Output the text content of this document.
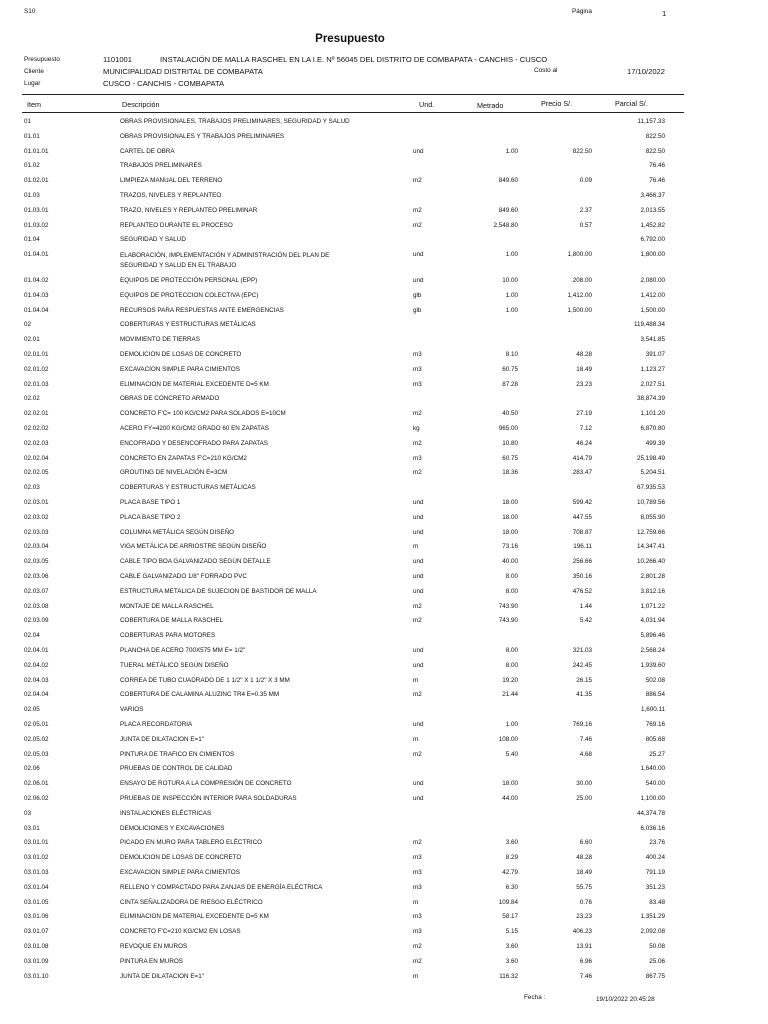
S10	Página	1
Presupuesto
Presupuesto	1101001	INSTALACIÓN DE MALLA RASCHEL EN LA I.E. Nº 56045 DEL DISTRITO DE COMBAPATA - CANCHIS - CUSCO
Cliente	MUNICIPALIDAD DISTRITAL DE COMBAPATA	Costo al	17/10/2022
Lugar	CUSCO - CANCHIS - COMBAPATA
Item	Descripción	Und.	Metrado	Precio S/.	Parcial S/.
01	OBRAS PROVISIONALES, TRABAJOS PRELIMINARES, SEGURIDAD Y SALUD	11,157.33
01.01	OBRAS PROVISIONALES Y TRABAJOS PRELIMINARES	822.50
01.01.01	CARTEL DE OBRA	und	1.00	822.50	822.50
01.02	TRABAJOS PRELIMINARES	76.46
01.02.01	LIMPIEZA MANUAL DEL TERRENO	m2	849.60	0.09	76.46
01.03	TRAZOS, NIVELES Y REPLANTEO	3,466.37
01.03.01	TRAZO, NIVELES Y REPLANTEO PRELIMINAR	m2	849.60	2.37	2,013.55
01.03.02	REPLANTEO DURANTE EL PROCESO	m2	2,548.80	0.57	1,452.82
01.04	SEGURIDAD Y SALUD	6,792.00
01.04.01	ELABORACIÓN, IMPLEMENTACIÓN Y ADMINISTRACIÓN DEL PLAN DE SEGURIDAD Y SALUD EN EL TRABAJO
und	1.00	1,800.00	1,800.00
01.04.02	EQUIPOS DE PROTECCIÓN PERSONAL (EPP)	und	10.00	208.00	2,080.00
01.04.03	EQUIPOS DE PROTECCION COLECTIVA (EPC)	glb	1.00	1,412.00	1,412.00
01.04.04	RECURSOS PARA RESPUESTAS ANTE EMERGENCIAS	glb	1.00	1,500.00	1,500.00
02	COBERTURAS Y ESTRUCTURAS METÁLICAS	119,488.34
02.01	MOVIMIENTO DE TIERRAS	3,541.85
02.01.01	DEMOLICION DE LOSAS DE CONCRETO	m3	8.10	48.28	391.07
02.01.02	EXCAVACION SIMPLE PARA CIMIENTOS	m3	60.75	18.49	1,123.27
02.01.03	ELIMINACION DE MATERIAL EXCEDENTE D=5 KM	m3	87.28	23.23	2,027.51
02.02	OBRAS DE CONCRETO ARMADO	38,874.39
02.02.01	CONCRETO F'C= 100 KG/CM2 PARA SOLADOS E=10CM	m2	40.50	27.19	1,101.20
02.02.02	ACERO FY=4200 KG/CM2 GRADO 60 EN ZAPATAS	kg	965.00	7.12	6,870.80
02.02.03	ENCOFRADO Y DESENCOFRADO PARA ZAPATAS	m2	10.80	46.24	499.39
02.02.04	CONCRETO EN ZAPATAS F'C=210 KG/CM2	m3	60.75	414.79	25,198.49
02.02.05	GROUTING DE NIVELACIÓN E=3CM	m2	18.36	283.47	5,204.51
02.03	COBERTURAS Y ESTRUCTURAS METÁLICAS	67,935.53
02.03.01	PLACA BASE TIPO 1	und	18.00	599.42	10,789.56
02.03.02	PLACA BASE TIPO 2	und	18.00	447.55	8,055.90
02.03.03	COLUMNA METÁLICA SEGÚN DISEÑO	und	18.00	708.87	12,759.66
02.03.04	VIGA METÁLICA DE ARRIOSTRE SEGÚN DISEÑO	m	73.16	196.11	14,347.41
02.03.05	CABLE TIPO BOA GALVANIZADO SEGÚN DETALLE	und	40.00	256.66	10,266.40
02.03.06	CABLE GALVANIZADO 1/8" FORRADO PVC	und	8.00	350.16	2,801.28
02.03.07	ESTRUCTURA METALICA DE SUJECION DE BASTIDOR DE MALLA	und	8.00	476.52	3,812.16
02.03.08	MONTAJE DE MALLA RASCHEL	m2	743.90	1.44	1,071.22
02.03.09	COBERTURA DE MALLA RASCHEL	m2	743.90	5.42	4,031.94
02.04	COBERTURAS PARA MOTORES	5,896.46
02.04.01	PLANCHA DE ACERO 700X575 MM E= 1/2"	und	8.00	321.03	2,568.24
02.04.02	TUERAL METÁLICO SEGÚN DISEÑO	und	8.00	242.45	1,939.60
02.04.03	CORREA DE TUBO CUADRADO DE 1 1/2" X 1 1/2" X 3 MM	m	19.20	26.15	502.08
02.04.04	COBERTURA DE CALAMINA ALUZINC TR4 E=0.35 MM	m2	21.44	41.35	886.54
02.05	VARIOS	1,600.11
02.05.01	PLACA RECORDATORIA	und	1.00	769.16	769.16
02.05.02	JUNTA DE DILATACION E=1"	m	108.00	7.46	805.68
02.05.03	PINTURA DE TRAFICO EN CIMIENTOS	m2	5.40	4.68	25.27
02.06	PRUEBAS DE CONTROL DE CALIDAD	1,640.00
02.06.01	ENSAYO DE ROTURA A LA COMPRESIÓN DE CONCRETO	und	18.00	30.00	540.00
02.06.02	PRUEBAS DE INSPECCIÓN INTERIOR PARA SOLDADURAS	und	44.00	25.00	1,100.00
03	INSTALACIONES ELÉCTRICAS	44,374.78
03.01	DEMOLICIONES Y EXCAVACIONES	6,036.16
03.01.01	PICADO EN MURO PARA TABLERO ELÉCTRICO	m2	3.60	6.60	23.76
03.01.02	DEMOLICION DE LOSAS DE CONCRETO	m3	8.29	48.28	400.24
03.01.03	EXCAVACION SIMPLE PARA CIMIENTOS	m3	42.79	18.49	791.19
03.01.04	RELLENO Y COMPACTADO PARA ZANJAS DE ENERGÍA ELÉCTRICA	m3	6.30	55.75	351.23
03.01.05	CINTA SEÑALIZADORA DE RIESGO ELÉCTRICO	m	109.84	0.76	83.48
03.01.06	ELIMINACION DE MATERIAL EXCEDENTE D=5 KM	m3	58.17	23.23	1,351.29
03.01.07	CONCRETO F'C=210 KG/CM2 EN LOSAS	m3	5.15	406.23	2,092.08
03.01.08	REVOQUE EN MUROS	m2	3.60	13.91	50.08
03.01.09	PINTURA EN MUROS	m2	3.60	6.96	25.06
03.01.10	JUNTA DE DILATACION E=1"	m	116.32	7.46	867.75
Fecha :	19/10/2022 20:45:28
